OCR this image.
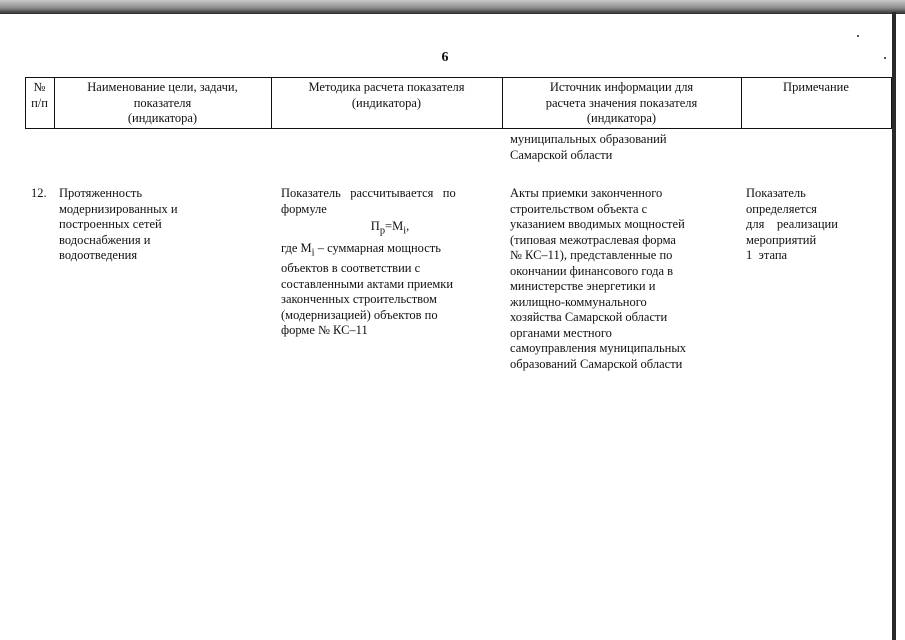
6
№
п/п
Наименование цели, задачи,
показателя
(индикатора)
Методика расчета показателя
(индикатора)
Источник информации для
расчета значения показателя
(индикатора)
Примечание
муниципальных образований
Самарской области
12. Протяженность
модернизированных и
построенных сетей
водоснабжения и
водоотведения
Показатель   рассчитывается   по
формуле
$П_р=М_i$,
где $М_i$ – суммарная мощность
объектов в соответствии с
составленными актами приемки
законченных строительством
(модернизацией) объектов по
форме № КС–11
Акты приемки законченного
строительством объекта с
указанием вводимых мощностей
(типовая межотраслевая форма
№ КС–11), представленные по
окончании финансового года в
министерстве энергетики и
жилищно-коммунального
хозяйства Самарской области
органами местного
самоуправления муниципальных
образований Самарской области
Показатель
определяется
для    реализации
мероприятий
1  этапа
